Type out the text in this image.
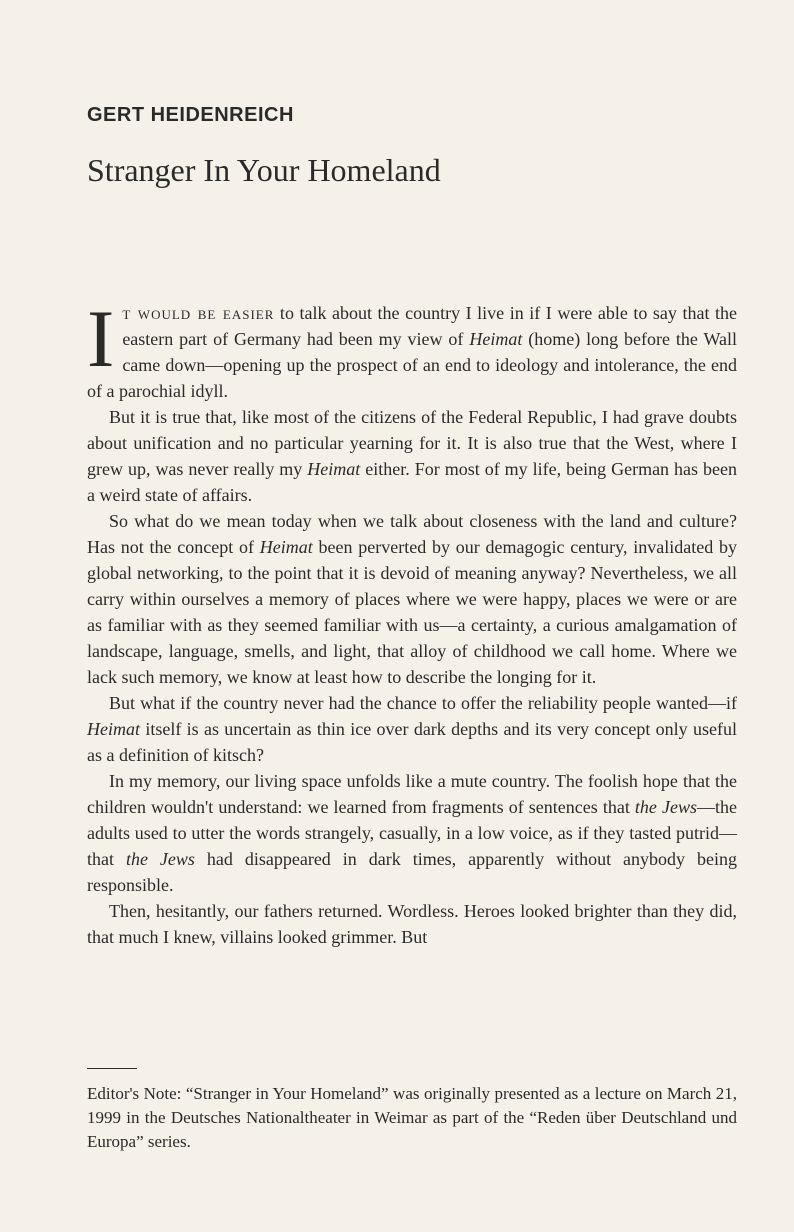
GERT HEIDENREICH
Stranger In Your Homeland

It would be easier to talk about the country I live in if I were able to say that the eastern part of Germany had been my view of Heimat (home) long before the Wall came down—opening up the prospect of an end to ideology and intolerance, the end of a parochial idyll.

But it is true that, like most of the citizens of the Federal Republic, I had grave doubts about unification and no particular yearning for it. It is also true that the West, where I grew up, was never really my Heimat either. For most of my life, being German has been a weird state of affairs.

So what do we mean today when we talk about closeness with the land and culture? Has not the concept of Heimat been perverted by our demagogic century, invalidated by global networking, to the point that it is devoid of meaning anyway? Nevertheless, we all carry within ourselves a memory of places where we were happy, places we were or are as familiar with as they seemed familiar with us—a certainty, a curious amalgamation of landscape, language, smells, and light, that alloy of childhood we call home. Where we lack such memory, we know at least how to describe the longing for it.

But what if the country never had the chance to offer the reliability people wanted—if Heimat itself is as uncertain as thin ice over dark depths and its very concept only useful as a definition of kitsch?

In my memory, our living space unfolds like a mute country. The foolish hope that the children wouldn't understand: we learned from fragments of sentences that the Jews—the adults used to utter the words strangely, casually, in a low voice, as if they tasted putrid—that the Jews had disappeared in dark times, apparently without anybody being responsible.

Then, hesitantly, our fathers returned. Wordless. Heroes looked brighter than they did, that much I knew, villains looked grimmer. But

Editor's Note: “Stranger in Your Homeland” was originally presented as a lecture on March 21, 1999 in the Deutsches Nationaltheater in Weimar as part of the “Reden über Deutschland und Europa” series.
